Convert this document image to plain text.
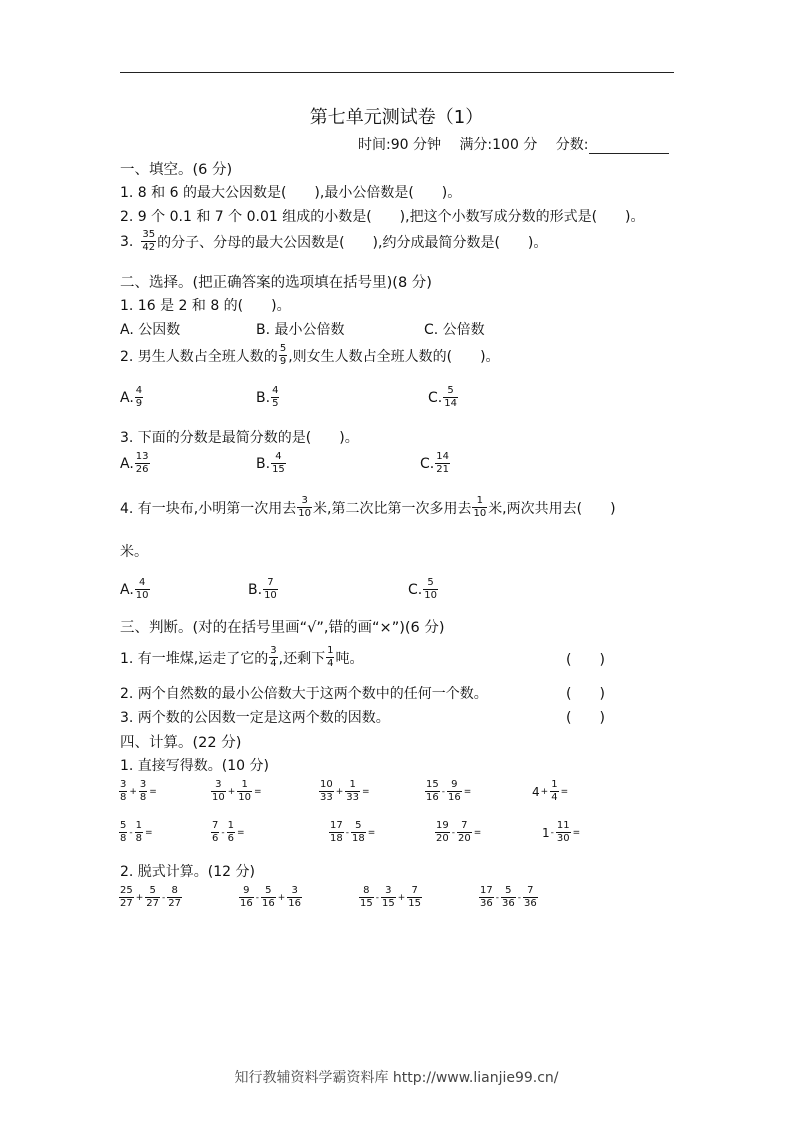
第七单元测试卷（1）
时间:90 分钟 满分:100 分 分数:
一、填空。(6 分)
1. 8 和 6 的最大公因数是(　　),最小公倍数是(　　)。
2. 9 个 0.1 和 7 个 0.01 组成的小数是(　　),把这个小数写成分数的形式是(　　)。
3. $\frac{35}{42}$ 的分子、分母的最大公因数是(　　),约分成最简分数是(　　)。
二、选择。(把正确答案的选项填在括号里)(8 分)
1. 16 是 2 和 8 的(　　)。
A. 公因数	B. 最小公倍数	C. 公倍数
2. 男生人数占全班人数的 $\frac{5}{9}$ ,则女生人数占全班人数的(　　)。
A. $\frac{4}{9}$	B. $\frac{4}{5}$	C. $\frac{5}{14}$
3. 下面的分数是最简分数的是(　　)。
A. $\frac{13}{26}$	B. $\frac{4}{15}$	C. $\frac{14}{21}$
4. 有一块布,小明第一次用去 $\frac{3}{10}$ 米,第二次比第一次多用去 $\frac{1}{10}$ 米,两次共用去(　　)
米。
A. $\frac{4}{10}$	B. $\frac{7}{10}$	C. $\frac{5}{10}$
三、判断。(对的在括号里画“√”,错的画“×”)(6 分)
1. 有一堆煤,运走了它的 $\frac{3}{4}$ ,还剩下 $\frac{1}{4}$ 吨。	(　　)
2. 两个自然数的最小公倍数大于这两个数中的任何一个数。	(　　)
3. 两个数的公因数一定是这两个数的因数。	(　　)
四、计算。(22 分)
1. 直接写得数。(10 分)
$\frac{3}{8} + \frac{3}{8}$ =	$\frac{3}{10} + \frac{1}{10}$ =	$\frac{10}{33} + \frac{1}{33}$ =	$\frac{15}{16} - \frac{9}{16}$ =	$4 + \frac{1}{4}$ =
$\frac{5}{8} - \frac{1}{8}$ =	$\frac{7}{6} - \frac{1}{6}$ =	$\frac{17}{18} - \frac{5}{18}$ =	$\frac{19}{20} - \frac{7}{20}$ =	$1 - \frac{11}{30}$ =
2. 脱式计算。(12 分)
$\frac{25}{27} + \frac{5}{27} - \frac{8}{27}$	$\frac{9}{16} - \frac{5}{16} + \frac{3}{16}$	$\frac{8}{15} - \frac{3}{15} + \frac{7}{15}$	$\frac{17}{36} - \frac{5}{36} - \frac{7}{36}$
知行教辅资料学霸资料库 http://www.lianjie99.cn/
